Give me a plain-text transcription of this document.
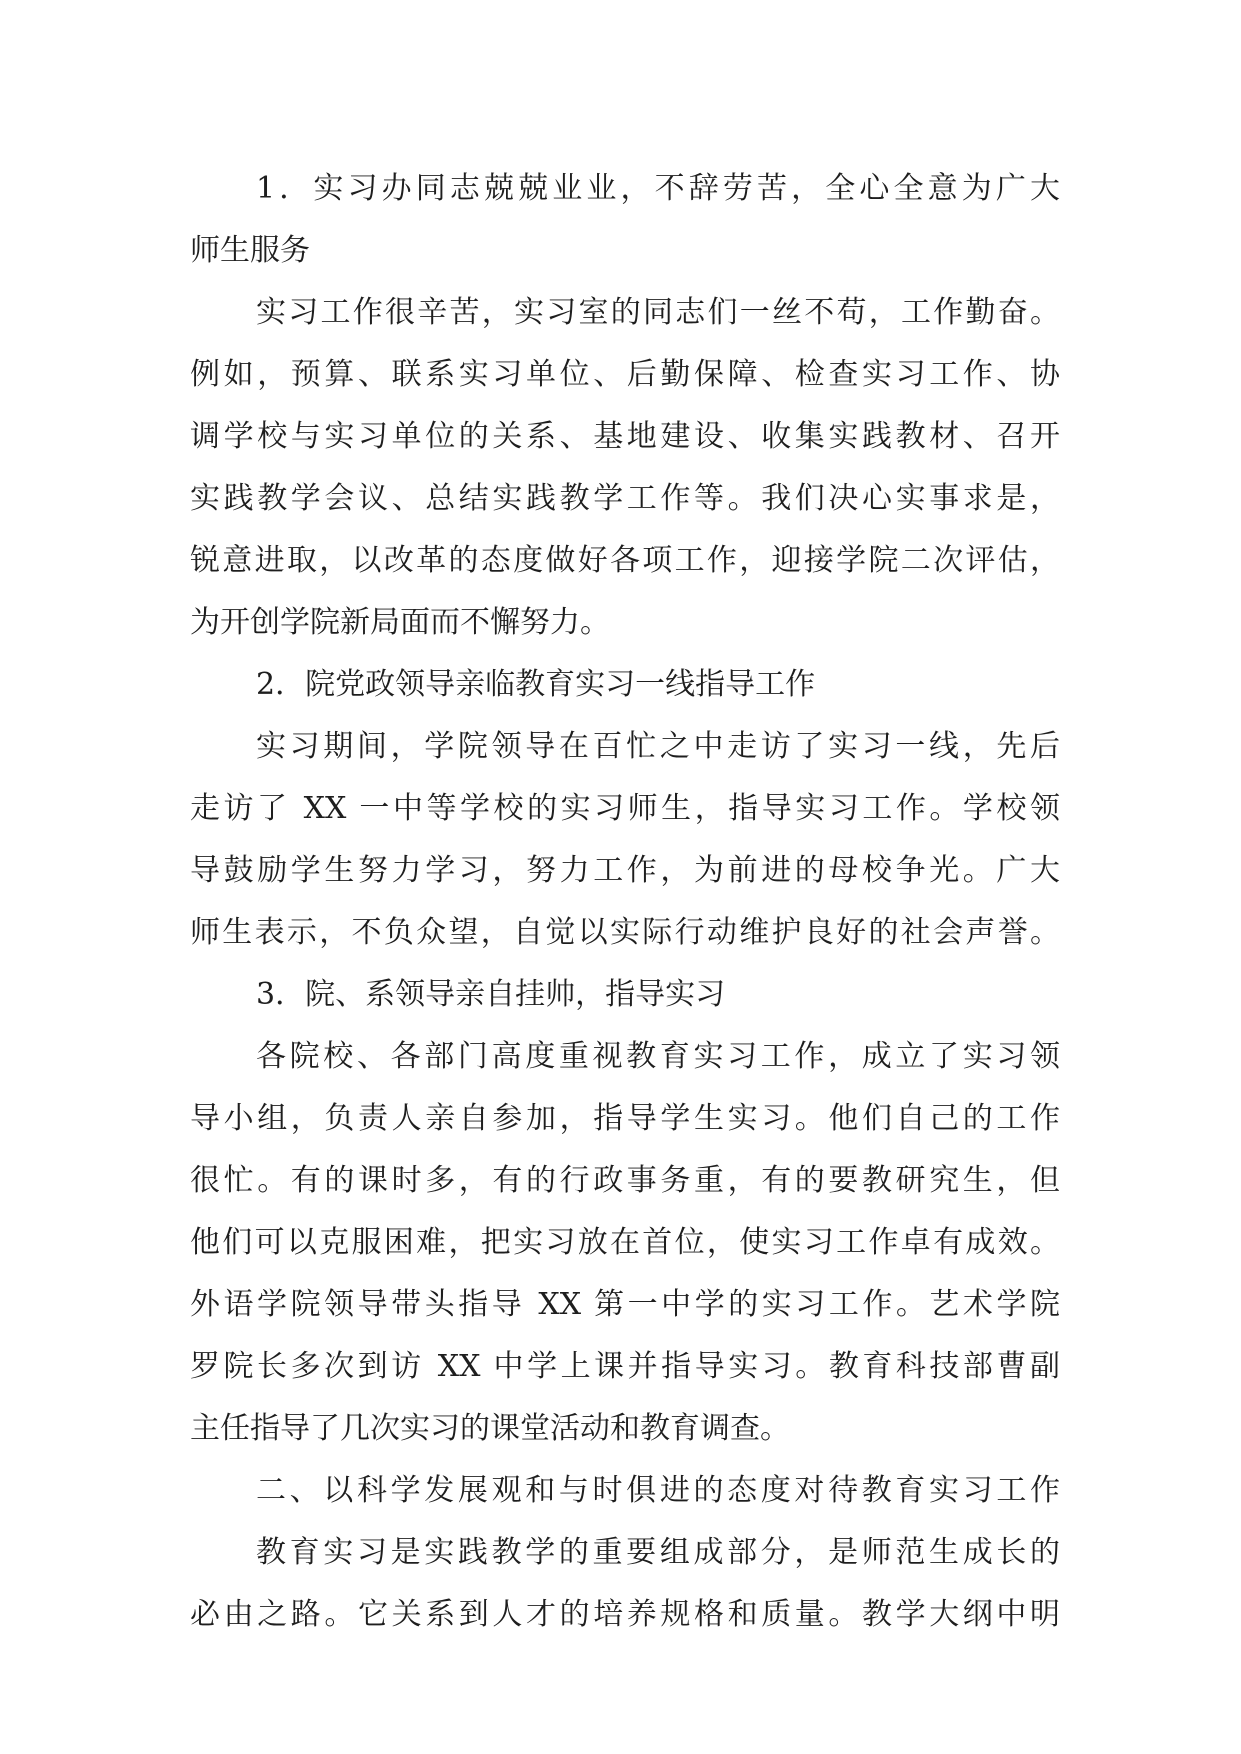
1．实习办同志兢兢业业，不辞劳苦，全心全意为广大
师生服务
实习工作很辛苦，实习室的同志们一丝不苟，工作勤奋。
例如，预算、联系实习单位、后勤保障、检查实习工作、协
调学校与实习单位的关系、基地建设、收集实践教材、召开
实践教学会议、总结实践教学工作等。我们决心实事求是，
锐意进取，以改革的态度做好各项工作，迎接学院二次评估，
为开创学院新局面而不懈努力。
2．院党政领导亲临教育实习一线指导工作
实习期间，学院领导在百忙之中走访了实习一线，先后
走访了 XX 一中等学校的实习师生，指导实习工作。学校领
导鼓励学生努力学习，努力工作，为前进的母校争光。广大
师生表示，不负众望，自觉以实际行动维护良好的社会声誉。
3．院、系领导亲自挂帅，指导实习
各院校、各部门高度重视教育实习工作，成立了实习领
导小组，负责人亲自参加，指导学生实习。他们自己的工作
很忙。有的课时多，有的行政事务重，有的要教研究生，但
他们可以克服困难，把实习放在首位，使实习工作卓有成效。
外语学院领导带头指导 XX 第一中学的实习工作。艺术学院
罗院长多次到访 XX 中学上课并指导实习。教育科技部曹副
主任指导了几次实习的课堂活动和教育调查。
二、以科学发展观和与时俱进的态度对待教育实习工作
教育实习是实践教学的重要组成部分，是师范生成长的
必由之路。它关系到人才的培养规格和质量。教学大纲中明
